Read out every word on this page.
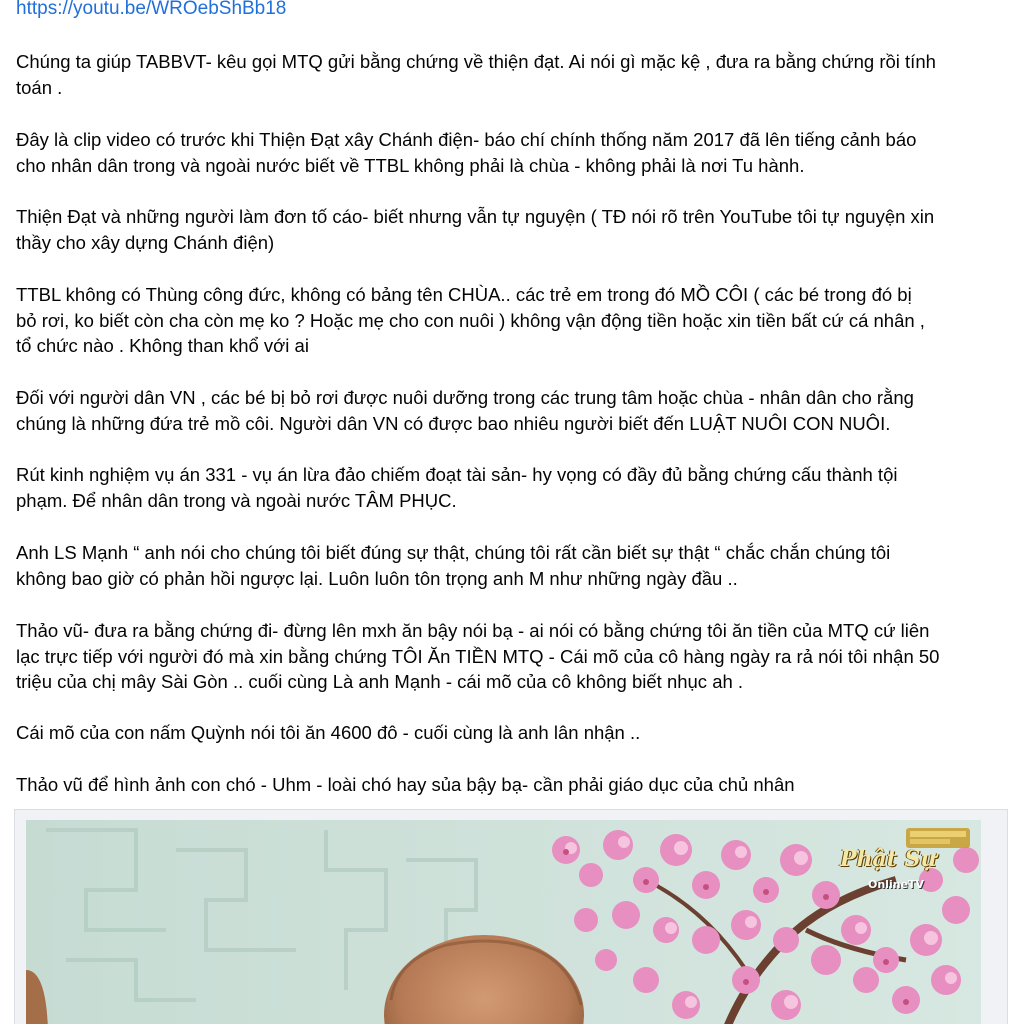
https://youtu.be/WROebShBb18

Chúng ta giúp TABBVT- kêu gọi MTQ gửi bằng chứng về thiện đạt. Ai nói gì mặc kệ , đưa ra bằng chứng rồi tính
toán .

Đây là clip video có trước khi Thiện Đạt xây Chánh điện- báo chí chính thống năm 2017 đã lên tiếng cảnh báo
cho nhân dân trong và ngoài nước biết về TTBL không phải là chùa - không phải là nơi Tu hành.

Thiện Đạt và những người làm đơn tố cáo- biết nhưng vẫn tự nguyện ( TĐ nói rõ trên YouTube tôi tự nguyện xin
thầy cho xây dựng Chánh điện)

TTBL không có Thùng công đức, không có bảng tên CHÙA.. các trẻ em trong đó MỒ CÔI ( các bé trong đó bị
bỏ rơi, ko biết còn cha còn mẹ ko ? Hoặc mẹ cho con nuôi ) không vận động tiền hoặc xin tiền bất cứ cá nhân ,
tổ chức nào . Không than khổ với ai

Đối với người dân VN , các bé bị bỏ rơi được nuôi dưỡng trong các trung tâm hoặc chùa - nhân dân cho rằng
chúng là những đứa trẻ mồ côi. Người dân VN có được bao nhiêu người biết đến LUẬT NUÔI CON NUÔI.

Rút kinh nghiệm vụ án 331 - vụ án lừa đảo chiếm đoạt tài sản- hy vọng có đầy đủ bằng chứng cấu thành tội
phạm. Để nhân dân trong và ngoài nước TÂM PHỤC.

Anh LS Mạnh “ anh nói cho chúng tôi biết đúng sự thật, chúng tôi rất cần biết sự thật “ chắc chắn chúng tôi
không bao giờ có phản hồi ngược lại. Luôn luôn tôn trọng anh M như những ngày đầu ..

Thảo vũ- đưa ra bằng chứng đi- đừng lên mxh ăn bậy nói bạ - ai nói có bằng chứng tôi ăn tiền của MTQ cứ liên
lạc trực tiếp với người đó mà xin bằng chứng TÔI Ăn TIỀN MTQ - Cái mõ của cô hàng ngày ra rả nói tôi nhận 50
triệu của chị mây Sài Gòn .. cuối cùng Là anh Mạnh - cái mõ của cô không biết nhục ah .

Cái mõ của con nấm Quỳnh nói tôi ăn 4600 đô - cuối cùng là anh lân nhận ..

Thảo vũ để hình ảnh con chó - Uhm - loài chó hay sủa bậy bạ- cần phải giáo dục của chủ nhân

Phật Sự
OnlineTV
